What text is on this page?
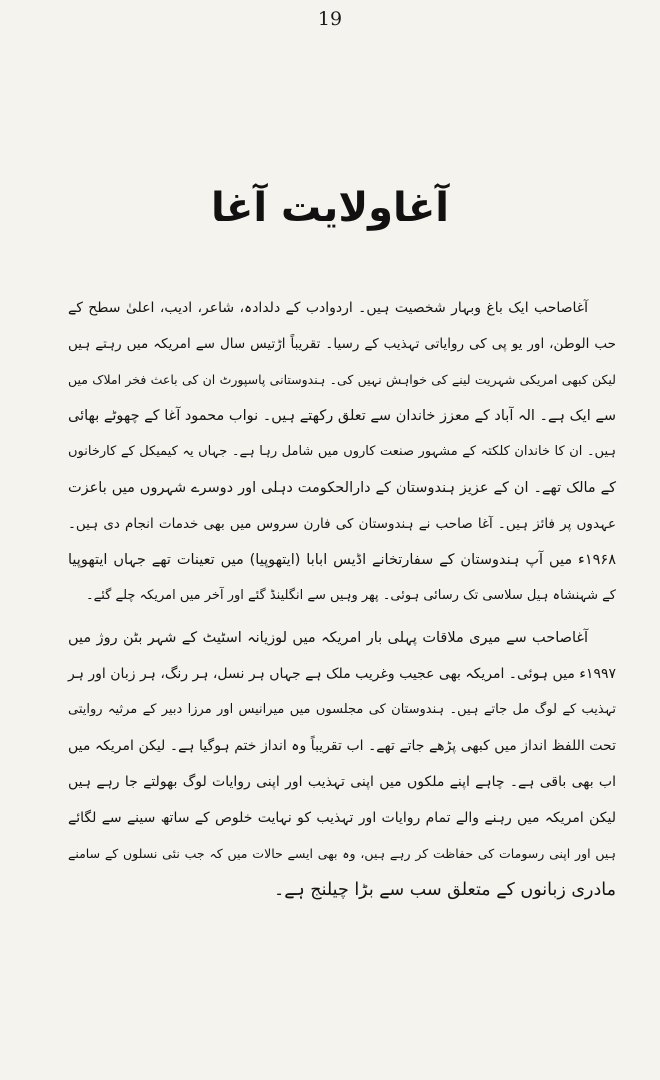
19
آغاولایت آغا
آغاصاحب ایک باغ وبہار شخصیت ہیں۔ اردوادب کے دلدادہ، شاعر، ادیب، اعلیٰ سطح کے
حب الوطن، اور یو پی کی روایاتی تہذیب کے رسیا۔ تقریباً اڑتیس سال سے امریکہ میں رہتے ہیں
لیکن کبھی امریکی شہریت لینے کی خواہش نہیں کی۔ ہندوستانی پاسپورٹ ان کی باعث فخر املاک میں
سے ایک ہے۔ الہ آباد کے معزز خاندان سے تعلق رکھتے ہیں۔ نواب محمود آغا کے چھوٹے بھائی
ہیں۔ ان کا خاندان کلکتہ کے مشہور صنعت کاروں میں شامل رہا ہے۔ جہاں یہ کیمیکل کے کارخانوں
کے مالک تھے۔ ان کے عزیز ہندوستان کے دارالحکومت دہلی اور دوسرے شہروں میں باعزت
عہدوں پر فائز ہیں۔ آغا صاحب نے ہندوستان کی فارن سروس میں بھی خدمات انجام دی ہیں۔
۱۹۶۸ء میں آپ ہندوستان کے سفارتخانے اڈیس ابابا (ایتھوپیا) میں تعینات تھے جہاں ایتھوپیا
کے شہنشاہ ہیل سلاسی تک رسائی ہوئی۔ پھر وہیں سے انگلینڈ گئے اور آخر میں امریکہ چلے گئے۔
آغاصاحب سے میری ملاقات پہلی بار امریکہ میں لوزیانہ اسٹیٹ کے شہر بٹن روژ میں
۱۹۹۷ء میں ہوئی۔ امریکہ بھی عجیب وغریب ملک ہے جہاں ہر نسل، ہر رنگ، ہر زبان اور ہر
تہذیب کے لوگ مل جاتے ہیں۔ ہندوستان کی مجلسوں میں میرانیس اور مرزا دبیر کے مرثیہ روایتی
تحت اللفظ انداز میں کبھی پڑھے جاتے تھے۔ اب تقریباً وہ انداز ختم ہوگیا ہے۔ لیکن امریکہ میں
اب بھی باقی ہے۔ چاہے اپنے ملکوں میں اپنی تہذیب اور اپنی روایات لوگ بھولتے جا رہے ہیں
لیکن امریکہ میں رہنے والے تمام روایات اور تہذیب کو نہایت خلوص کے ساتھ سینے سے لگائے
ہیں اور اپنی رسومات کی حفاظت کر رہے ہیں، وہ بھی ایسے حالات میں کہ جب نئی نسلوں کے سامنے
مادری زبانوں کے متعلق سب سے بڑا چیلنج ہے۔
